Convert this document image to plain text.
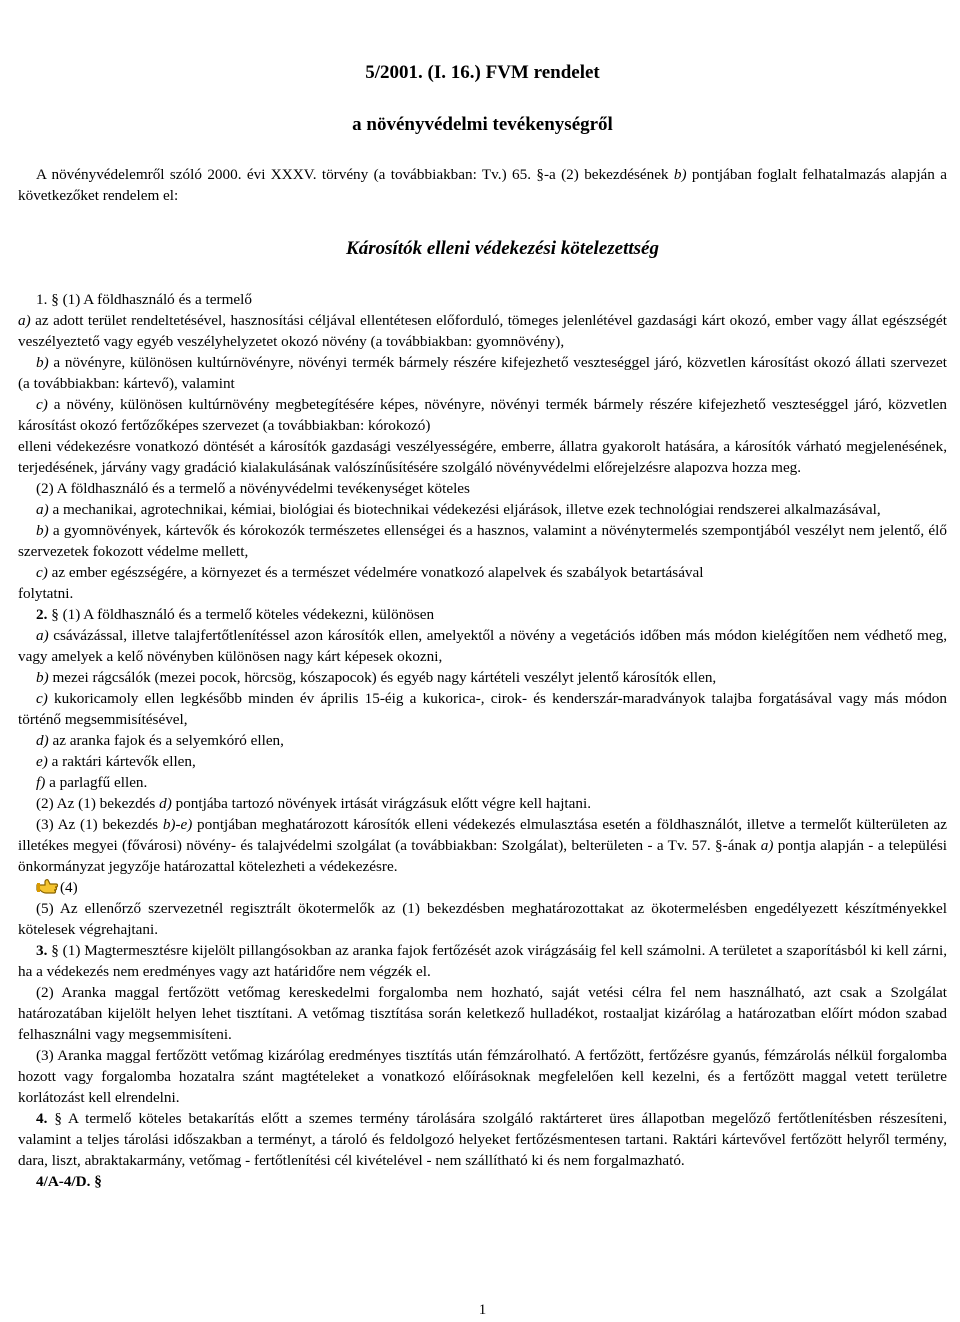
5/2001. (I. 16.) FVM rendelet
a növényvédelmi tevékenységről

A növényvédelemről szóló 2000. évi XXXV. törvény (a továbbiakban: Tv.) 65. §-a (2) bekezdésének b) pontjában foglalt felhatalmazás alapján a következőket rendelem el:

Károsítók elleni védekezési kötelezettség

1. § (1) A földhasználó és a termelő

a) az adott terület rendeltetésével, hasznosítási céljával ellentétesen előforduló, tömeges jelenlétével gazdasági kárt okozó, ember vagy állat egészségét veszélyeztető vagy egyéb veszélyhelyzetet okozó növény (a továbbiakban: gyomnövény),

b) a növényre, különösen kultúrnövényre, növényi termék bármely részére kifejezhető veszteséggel járó, közvetlen károsítást okozó állati szervezet (a továbbiakban: kártevő), valamint

c) a növény, különösen kultúrnövény megbetegítésére képes, növényre, növényi termék bármely részére kifejezhető veszteséggel járó, közvetlen károsítást okozó fertőzőképes szervezet (a továbbiakban: kórokozó)

elleni védekezésre vonatkozó döntését a károsítók gazdasági veszélyességére, emberre, állatra gyakorolt hatására, a károsítók várható megjelenésének, terjedésének, járvány vagy gradáció kialakulásának valószínűsítésére szolgáló növényvédelmi előrejelzésre alapozva hozza meg.

(2) A földhasználó és a termelő a növényvédelmi tevékenységet köteles

a) a mechanikai, agrotechnikai, kémiai, biológiai és biotechnikai védekezési eljárások, illetve ezek technológiai rendszerei alkalmazásával,

b) a gyomnövények, kártevők és kórokozók természetes ellenségei és a hasznos, valamint a növénytermelés szempontjából veszélyt nem jelentő, élő szervezetek fokozott védelme mellett,

c) az ember egészségére, a környezet és a természet védelmére vonatkozó alapelvek és szabályok betartásával

folytatni.

2. § (1) A földhasználó és a termelő köteles védekezni, különösen

a) csávázással, illetve talajfertőtlenítéssel azon károsítók ellen, amelyektől a növény a vegetációs időben más módon kielégítően nem védhető meg, vagy amelyek a kelő növényben különösen nagy kárt képesek okozni,

b) mezei rágcsálók (mezei pocok, hörcsög, kószapocok) és egyéb nagy kártételi veszélyt jelentő károsítók ellen,

c) kukoricamoly ellen legkésőbb minden év április 15-éig a kukorica-, cirok- és kenderszár-maradványok talajba forgatásával vagy más módon történő megsemmisítésével,

d) az aranka fajok és a selyemkóró ellen,

e) a raktári kártevők ellen,

f) a parlagfű ellen.

(2) Az (1) bekezdés d) pontjába tartozó növények irtását virágzásuk előtt végre kell hajtani.

(3) Az (1) bekezdés b)-e) pontjában meghatározott károsítók elleni védekezés elmulasztása esetén a földhasználót, illetve a termelőt külterületen az illetékes megyei (fővárosi) növény- és talajvédelmi szolgálat (a továbbiakban: Szolgálat), belterületen - a Tv. 57. §-ának a) pontja alapján - a települési önkormányzat jegyzője határozattal kötelezheti a védekezésre.

(4)

(5) Az ellenőrző szervezetnél regisztrált ökotermelők az (1) bekezdésben meghatározottakat az ökotermelésben engedélyezett készítményekkel kötelesek végrehajtani.

3. § (1) Magtermesztésre kijelölt pillangósokban az aranka fajok fertőzését azok virágzásáig fel kell számolni. A területet a szaporításból ki kell zárni, ha a védekezés nem eredményes vagy azt határidőre nem végzék el.

(2) Aranka maggal fertőzött vetőmag kereskedelmi forgalomba nem hozható, saját vetési célra fel nem használható, azt csak a Szolgálat határozatában kijelölt helyen lehet tisztítani. A vetőmag tisztítása során keletkező hulladékot, rostaaljat kizárólag a határozatban előírt módon szabad felhasználni vagy megsemmisíteni.

(3) Aranka maggal fertőzött vetőmag kizárólag eredményes tisztítás után fémzárolható. A fertőzött, fertőzésre gyanús, fémzárolás nélkül forgalomba hozott vagy forgalomba hozatalra szánt magtételeket a vonatkozó előírásoknak megfelelően kell kezelni, és a fertőzött maggal vetett területre korlátozást kell elrendelni.

4. § A termelő köteles betakarítás előtt a szemes termény tárolására szolgáló raktárteret üres állapotban megelőző fertőtlenítésben részesíteni, valamint a teljes tárolási időszakban a terményt, a tároló és feldolgozó helyeket fertőzésmentesen tartani. Raktári kártevővel fertőzött helyről termény, dara, liszt, abraktakarmány, vetőmag - fertőtlenítési cél kivételével - nem szállítható ki és nem forgalmazható.

4/A-4/D. §

1
